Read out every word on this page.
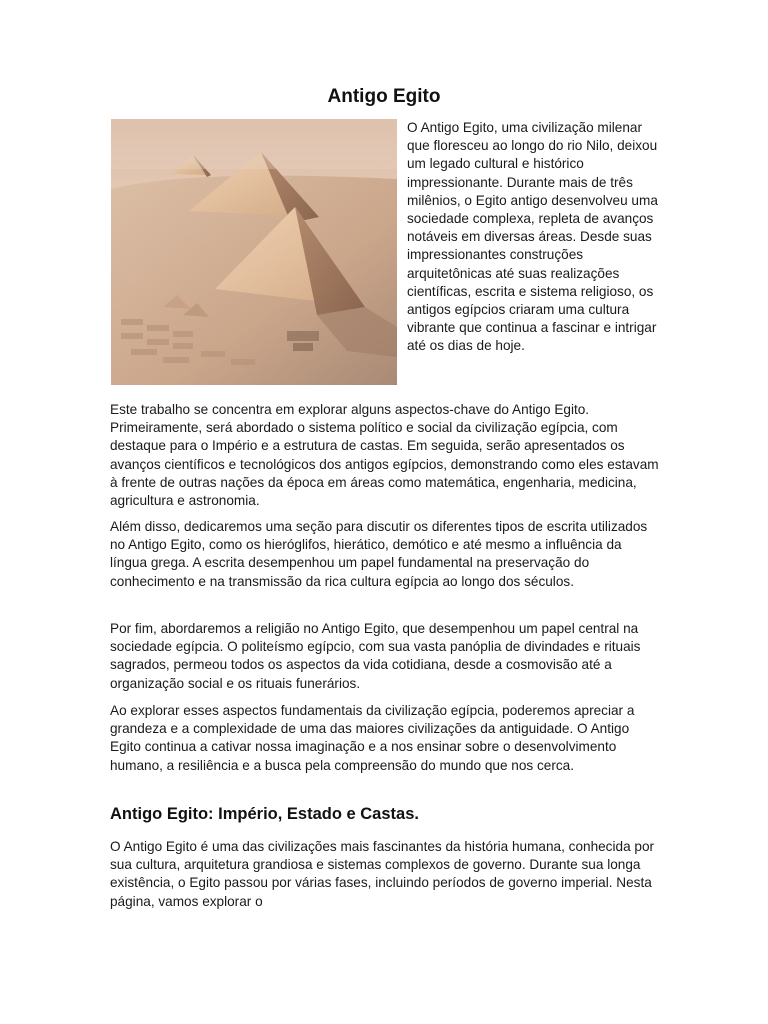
Antigo Egito

O Antigo Egito, uma civilização milenar que floresceu ao longo do rio Nilo, deixou um legado cultural e histórico impressionante. Durante mais de três milênios, o Egito antigo desenvolveu uma sociedade complexa, repleta de avanços notáveis em diversas áreas. Desde suas impressionantes construções arquitetônicas até suas realizações científicas, escrita e sistema religioso, os antigos egípcios criaram uma cultura vibrante que continua a fascinar e intrigar até os dias de hoje.

Este trabalho se concentra em explorar alguns aspectos-chave do Antigo Egito. Primeiramente, será abordado o sistema político e social da civilização egípcia, com destaque para o Império e a estrutura de castas. Em seguida, serão apresentados os avanços científicos e tecnológicos dos antigos egípcios, demonstrando como eles estavam à frente de outras nações da época em áreas como matemática, engenharia, medicina, agricultura e astronomia.

Além disso, dedicaremos uma seção para discutir os diferentes tipos de escrita utilizados no Antigo Egito, como os hieróglifos, hierático, demótico e até mesmo a influência da língua grega. A escrita desempenhou um papel fundamental na preservação do conhecimento e na transmissão da rica cultura egípcia ao longo dos séculos.

Por fim, abordaremos a religião no Antigo Egito, que desempenhou um papel central na sociedade egípcia. O politeísmo egípcio, com sua vasta panóplia de divindades e rituais sagrados, permeou todos os aspectos da vida cotidiana, desde a cosmovisão até a organização social e os rituais funerários.

Ao explorar esses aspectos fundamentais da civilização egípcia, poderemos apreciar a grandeza e a complexidade de uma das maiores civilizações da antiguidade. O Antigo Egito continua a cativar nossa imaginação e a nos ensinar sobre o desenvolvimento humano, a resiliência e a busca pela compreensão do mundo que nos cerca.

Antigo Egito: Império, Estado e Castas.

O Antigo Egito é uma das civilizações mais fascinantes da história humana, conhecida por sua cultura, arquitetura grandiosa e sistemas complexos de governo. Durante sua longa existência, o Egito passou por várias fases, incluindo períodos de governo imperial. Nesta página, vamos explorar o
